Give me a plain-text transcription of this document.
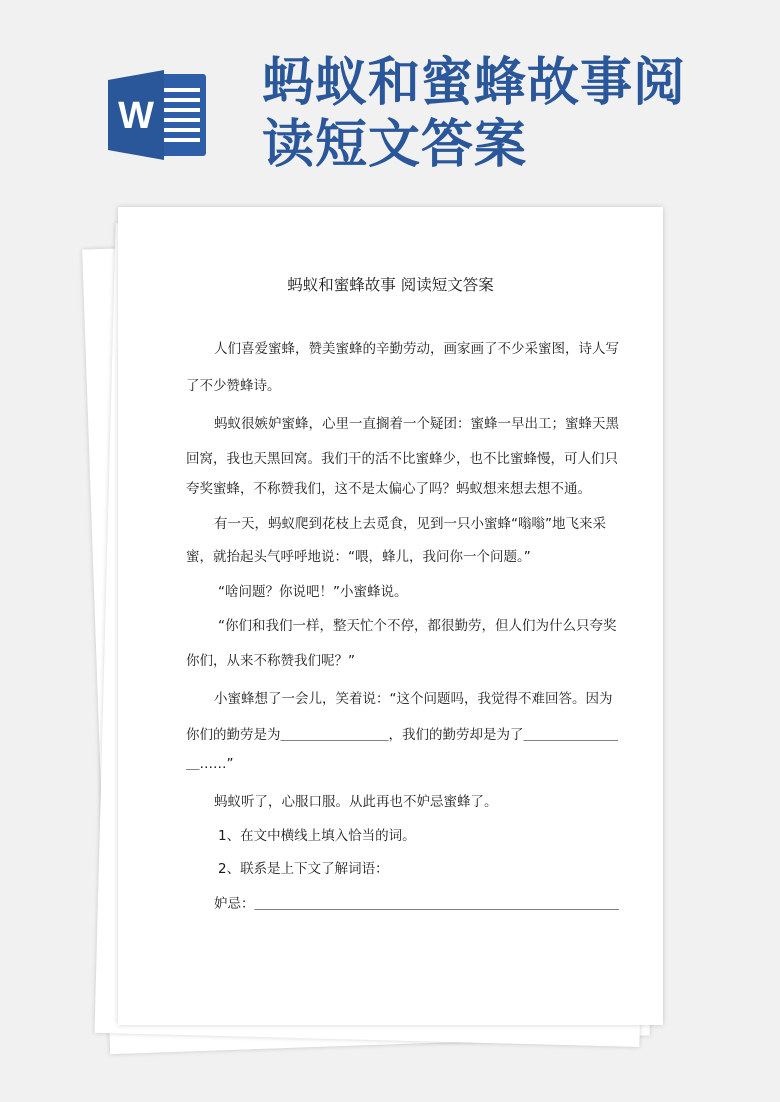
W
蚂蚁和蜜蜂故事阅
读短文答案
蚂蚁和蜜蜂故事 阅读短文答案
人们喜爱蜜蜂，赞美蜜蜂的辛勤劳动，画家画了不少采蜜图，诗人写
了不少赞蜂诗。
蚂蚁很嫉妒蜜蜂，心里一直搁着一个疑团：蜜蜂一早出工；蜜蜂天黑
回窝，我也天黑回窝。我们干的活不比蜜蜂少，也不比蜜蜂慢，可人们只
夸奖蜜蜂，不称赞我们，这不是太偏心了吗？蚂蚁想来想去想不通。
有一天，蚂蚁爬到花枝上去觅食，见到一只小蜜蜂“嗡嗡”地飞来采
蜜，就抬起头气呼呼地说：“喂，蜂儿，我问你一个问题。”
“啥问题？你说吧！”小蜜蜂说。
“你们和我们一样，整天忙个不停，都很勤劳，但人们为什么只夸奖
你们，从来不称赞我们呢？”
小蜜蜂想了一会儿，笑着说：“这个问题吗，我觉得不难回答。因为
你们的勤劳是为＿＿＿＿＿＿＿＿，我们的勤劳却是为了＿＿＿＿＿＿＿
＿……”
蚂蚁听了，心服口服。从此再也不妒忌蜜蜂了。
1、在文中横线上填入恰当的词。
2、联系是上下文了解词语：
妒忌：＿＿＿＿＿＿＿＿＿＿＿＿＿＿＿＿＿＿＿＿＿＿＿＿＿＿＿
